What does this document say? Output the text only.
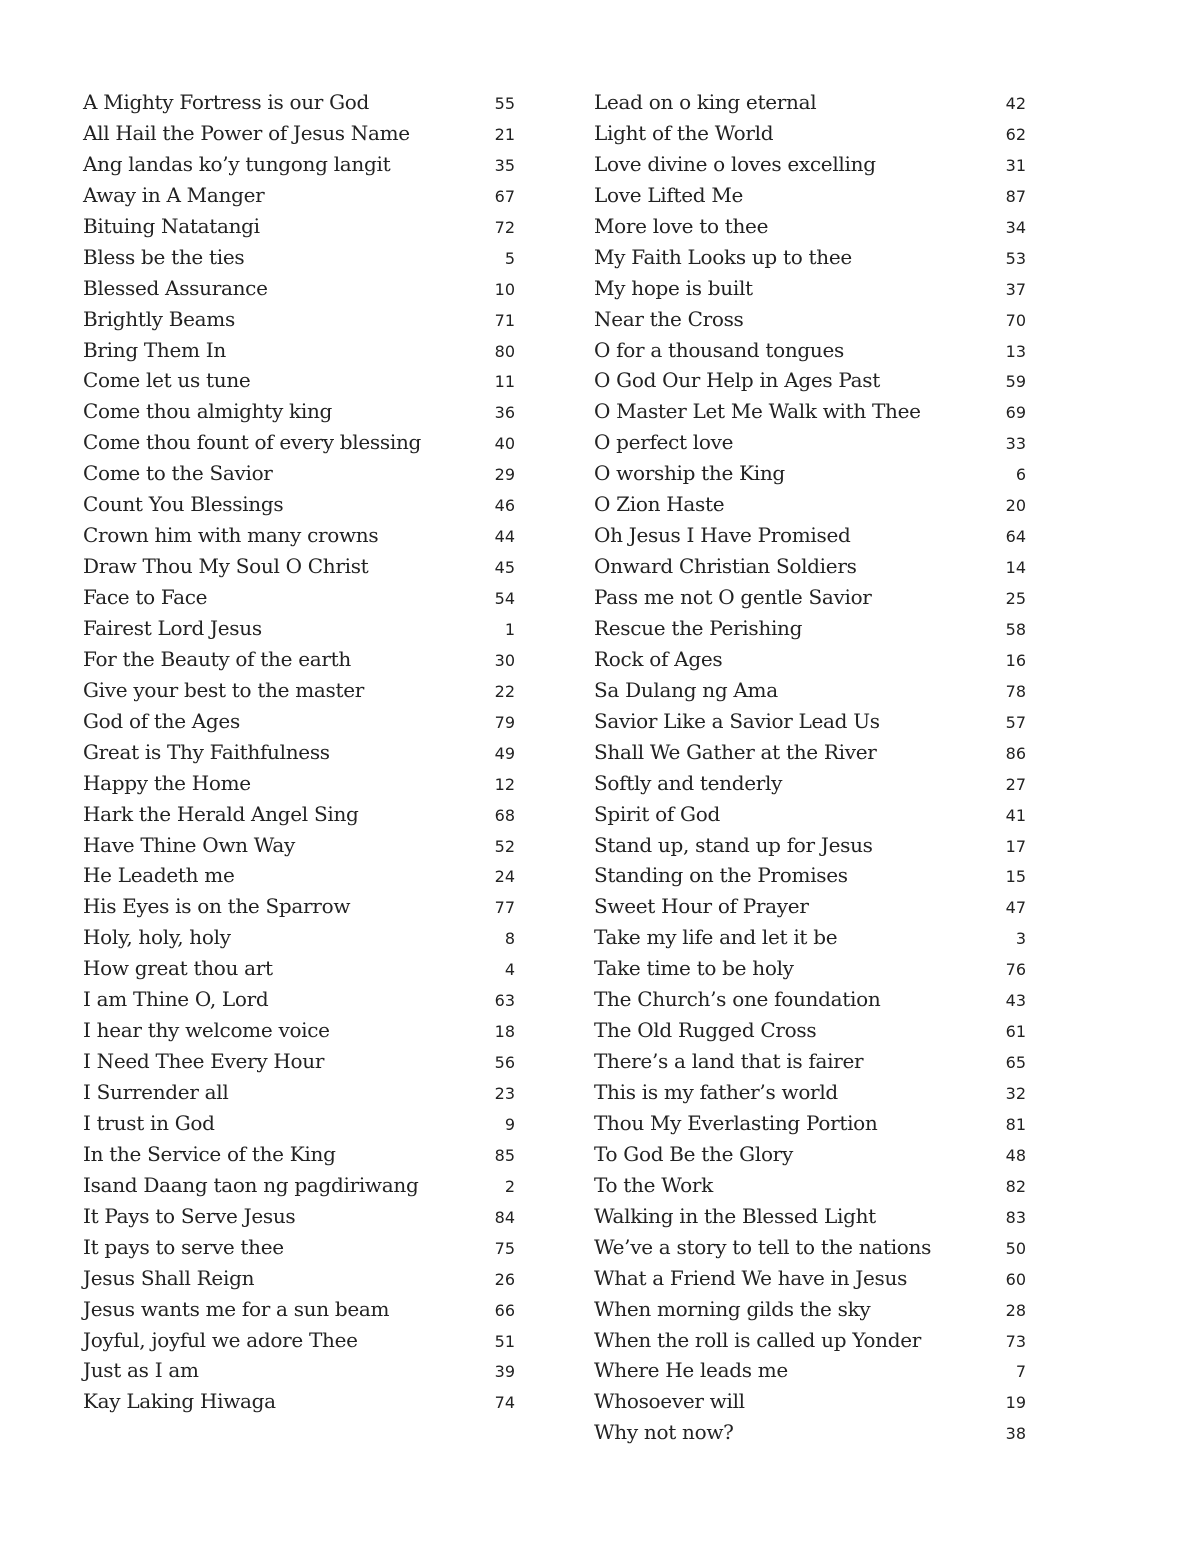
A Mighty Fortress is our God	55
All Hail the Power of Jesus Name	21
Ang landas ko’y tungong langit	35
Away in A Manger	67
Bituing Natatangi	72
Bless be the ties	5
Blessed Assurance	10
Brightly Beams	71
Bring Them In	80
Come let us tune	11
Come thou almighty king	36
Come thou fount of every blessing	40
Come to the Savior	29
Count You Blessings	46
Crown him with many crowns	44
Draw Thou My Soul O Christ	45
Face to Face	54
Fairest Lord Jesus	1
For the Beauty of the earth	30
Give your best to the master	22
God of the Ages	79
Great is Thy Faithfulness	49
Happy the Home	12
Hark the Herald Angel Sing	68
Have Thine Own Way	52
He Leadeth me	24
His Eyes is on the Sparrow	77
Holy, holy, holy	8
How great thou art	4
I am Thine O, Lord	63
I hear thy welcome voice	18
I Need Thee Every Hour	56
I Surrender all	23
I trust in God	9
In the Service of the King	85
Isand Daang taon ng pagdiriwang	2
It Pays to Serve Jesus	84
It pays to serve thee	75
Jesus Shall Reign	26
Jesus wants me for a sun beam	66
Joyful, joyful we adore Thee	51
Just as I am	39
Kay Laking Hiwaga	74
Lead on o king eternal	42
Light of the World	62
Love divine o loves excelling	31
Love Lifted Me	87
More love to thee	34
My Faith Looks up to thee	53
My hope is built	37
Near the Cross	70
O for a thousand tongues	13
O God Our Help in Ages Past	59
O Master Let Me Walk with Thee	69
O perfect love	33
O worship the King	6
O Zion Haste	20
Oh Jesus I Have Promised	64
Onward Christian Soldiers	14
Pass me not O gentle Savior	25
Rescue the Perishing	58
Rock of Ages	16
Sa Dulang ng Ama	78
Savior Like a Savior Lead Us	57
Shall We Gather at the River	86
Softly and tenderly	27
Spirit of God	41
Stand up, stand up for Jesus	17
Standing on the Promises	15
Sweet Hour of Prayer	47
Take my life and let it be	3
Take time to be holy	76
The Church’s one foundation	43
The Old Rugged Cross	61
There’s a land that is fairer	65
This is my father’s world	32
Thou My Everlasting Portion	81
To God Be the Glory	48
To the Work	82
Walking in the Blessed Light	83
We’ve a story to tell to the nations	50
What a Friend We have in Jesus	60
When morning gilds the sky	28
When the roll is called up Yonder	73
Where He leads me	7
Whosoever will	19
Why not now?	38
